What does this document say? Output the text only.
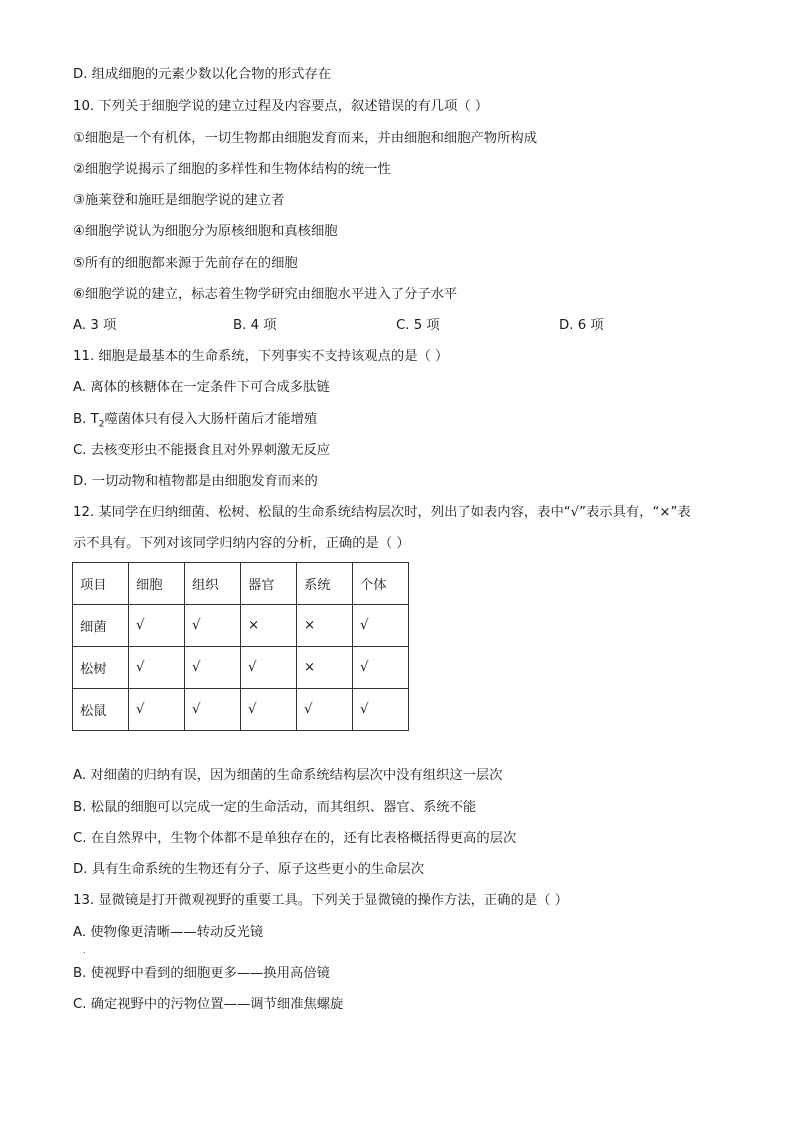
D. 组成细胞的元素少数以化合物的形式存在
10. 下列关于细胞学说的建立过程及内容要点，叙述错误的有几项（ ）
①细胞是一个有机体，一切生物都由细胞发育而来，并由细胞和细胞产物所构成
②细胞学说揭示了细胞的多样性和生物体结构的统一性
③施莱登和施旺是细胞学说的建立者
④细胞学说认为细胞分为原核细胞和真核细胞
⑤所有的细胞都来源于先前存在的细胞
⑥细胞学说的建立，标志着生物学研究由细胞水平进入了分子水平
A. 3 项	B. 4 项	C. 5 项	D. 6 项
11. 细胞是最基本的生命系统，下列事实不支持该观点的是（ ）
A. 离体的核糖体在一定条件下可合成多肽链
B. $T_2$噬菌体只有侵入大肠杆菌后才能增殖
C. 去核变形虫不能摄食且对外界刺激无反应
D. 一切动物和植物都是由细胞发育而来的
12. 某同学在归纳细菌、松树、松鼠的生命系统结构层次时，列出了如表内容，表中“√”表示具有，“×”表
示不具有。下列对该同学归纳内容的分析，正确的是（ ）
项目	细胞	组织	器官	系统	个体
细菌	√	√	×	×	√
松树	√	√	√	×	√
松鼠	√	√	√	√	√
A. 对细菌的归纳有误，因为细菌的生命系统结构层次中没有组织这一层次
B. 松鼠的细胞可以完成一定的生命活动，而其组织、器官、系统不能
C. 在自然界中，生物个体都不是单独存在的，还有比表格概括得更高的层次
D. 具有生命系统的生物还有分子、原子这些更小的生命层次
13. 显微镜是打开微观视野的重要工具。下列关于显微镜的操作方法，正确的是（ ）
A. 使物像更清晰——转动反光镜
.
B. 使视野中看到的细胞更多——换用高倍镜
C. 确定视野中的污物位置——调节细准焦螺旋
